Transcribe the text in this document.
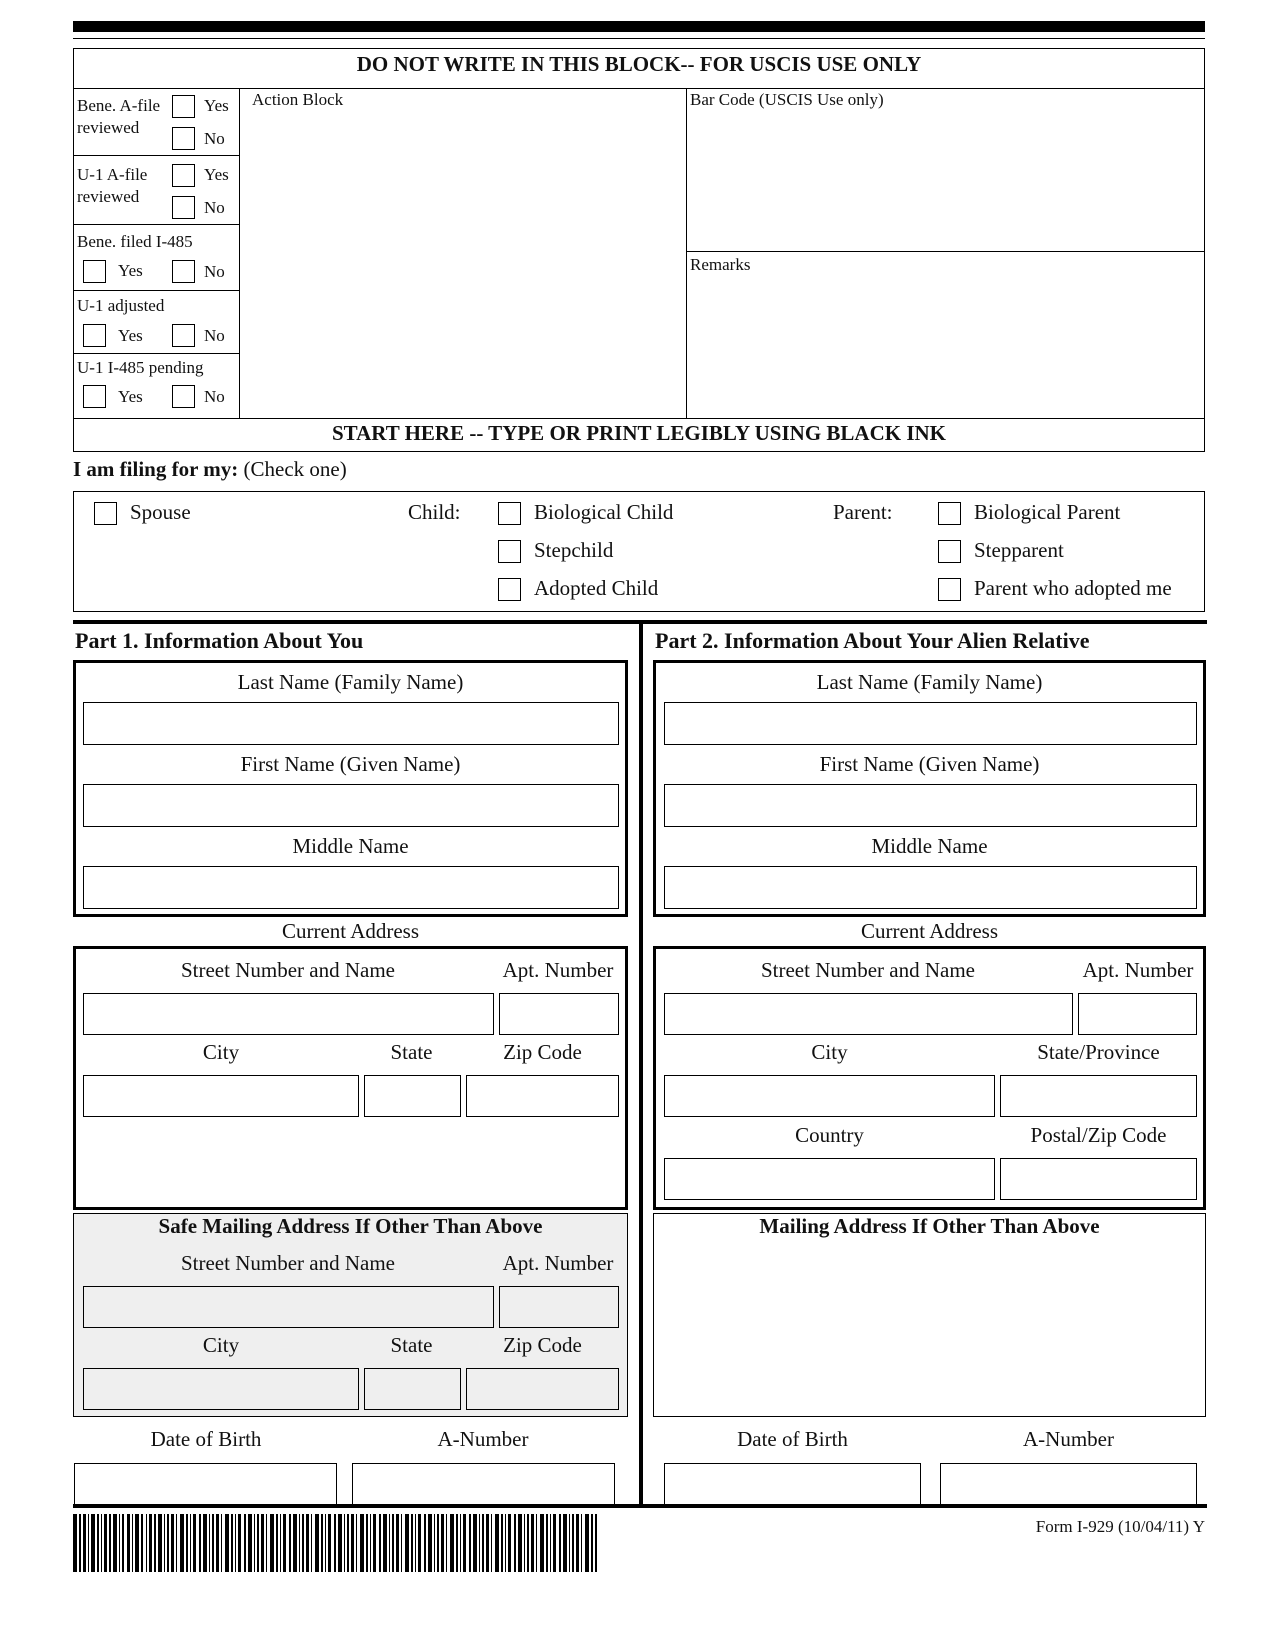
DO NOT WRITE IN THIS BLOCK-- FOR USCIS USE ONLY
Bene. A-file
reviewed
Yes
No
U-1 A-file
reviewed
Yes
No
Bene. filed I-485
Yes	No
U-1 adjusted
Yes	No
U-1 I-485 pending
Yes	No
Action Block	Bar Code (USCIS Use only)
Remarks
START HERE -- TYPE OR PRINT LEGIBLY USING BLACK INK
I am filing for my: (Check one)
Spouse	Child:	Biological Child
Stepchild
Adopted Child
Parent:	Biological Parent
Stepparent
Parent who adopted me
Part 1. Information About You
Last Name (Family Name)
First Name (Given Name)
Middle Name
Current Address
Street Number and Name	Apt. Number
City	State	Zip Code
Safe Mailing Address If Other Than Above
Street Number and Name	Apt. Number
City	State	Zip Code
Date of Birth	A-Number
Part 2. Information About Your Alien Relative
Last Name (Family Name)
First Name (Given Name)
Middle Name
Current Address
Street Number and Name	Apt. Number
City	State/Province
Country	Postal/Zip Code
Mailing Address If Other Than Above
Date of Birth	A-Number
Form I-929 (10/04/11) Y
